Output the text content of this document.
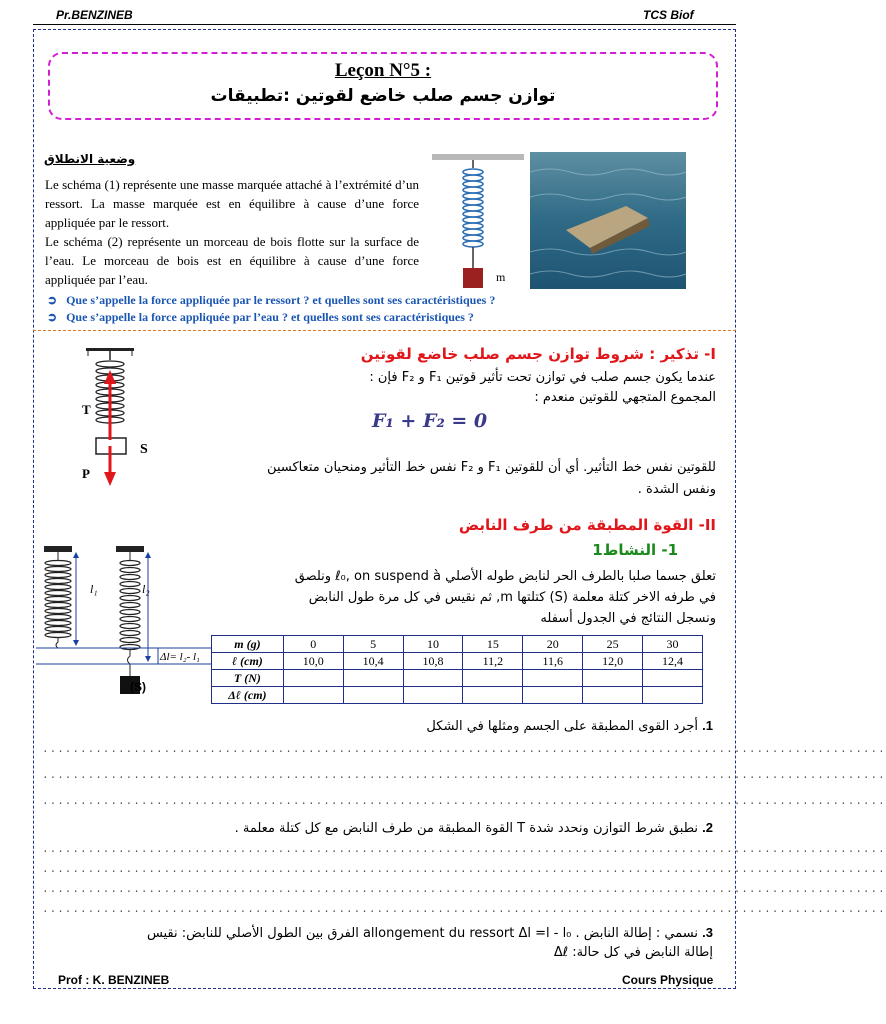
Pr.BENZINEB	TCS Biof
Leçon N°5 :
توازن جسم صلب خاضع لقوتين :تطبيقات
وضعية الانطلاق
Le schéma (1) représente une masse marquée attaché à l’extrémité d’un ressort. La masse marquée est en équilibre à cause d’une force appliquée par le ressort.
Le schéma (2) représente un morceau de bois flotte sur la surface de l’eau. Le morceau de bois est en équilibre à cause d’une force appliquée par l’eau.	m
➲ Que s’appelle la force appliquée par le ressort ? et quelles sont ses caractéristiques ?
➲ Que s’appelle la force appliquée par l’eau ? et quelles sont ses caractéristiques ?
T
P
S
I- تذكير : شروط توازن جسم صلب خاضع لقوتين
عندما يكون جسم صلب في توازن تحت تأثير قوتين F₁ و F₂ فإن :
المجموع المتجهي للقوتين منعدم :
F₁ + F₂ = 0
للقوتين نفس خط التأثير. أي أن للقوتين F₁ و F₂ نفس خط التأثير ومنحيان متعاكسين
ونفس الشدة .
II- القوة المطبقة من طرف النابض
1- النشاط1
تعلق جسما صلبا بالطرف الحر لنابض طوله الأصلي ℓ₀, on suspend à ونلصق
في طرفه الاخر كتلة معلمة (S) كتلتها m, ثم نقيس في كل مرة طول النابض
ونسجل النتائج في الجدول أسفله
l₁	l₂
Δl= l₂- l₁
(S)
m (g)	0	5	10	15	20	25	30
ℓ (cm)	10,0	10,4	10,8	11,2	11,6	12,0	12,4
T (N)							
Δℓ (cm)							
1. أجرد القوى المطبقة على الجسم ومثلها في الشكل
...............................................................................................................
...............................................................................................................
...............................................................................................................
2. نطبق شرط التوازن ونحدد شدة T القوة المطبقة من طرف النابض مع كل كتلة معلمة .
...............................................................................................................
...............................................................................................................
...............................................................................................................
...............................................................................................................
3. نسمي : إطالة النابض . allongement du ressort Δl =l - l₀ الفرق بين الطول الأصلي للنابض: نقيس
إطالة النابض في كل حالة: Δℓ
Prof : K. BENZINEB	Cours Physique
